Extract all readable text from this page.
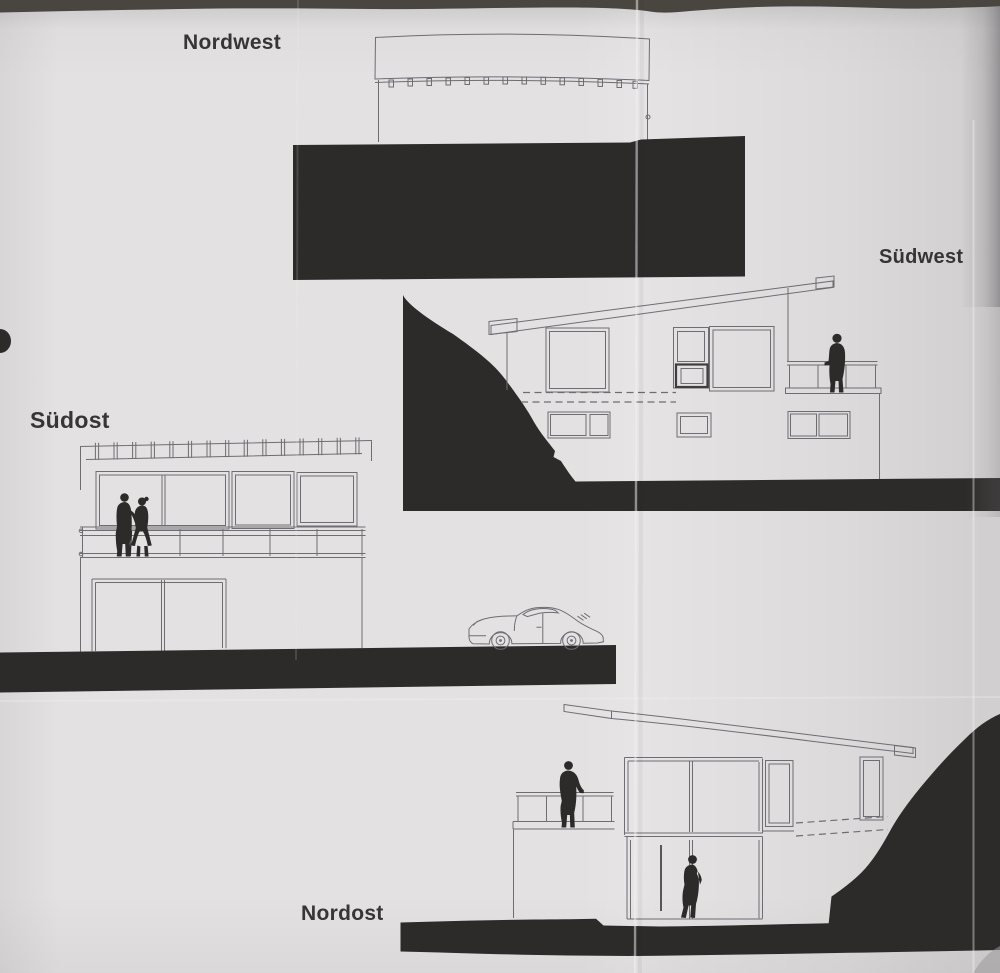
Nordwest
Südwest
Südost
Nordost
